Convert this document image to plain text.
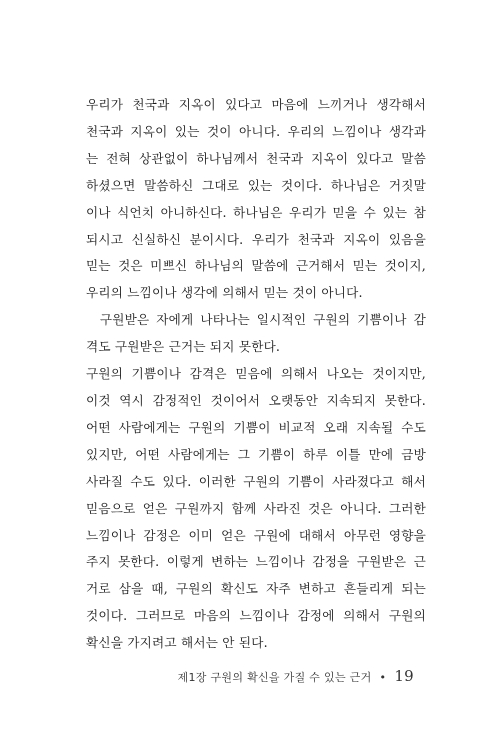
우리가 천국과 지옥이 있다고 마음에 느끼거나 생각해서
천국과 지옥이 있는 것이 아니다. 우리의 느낌이나 생각과
는 전혀 상관없이 하나님께서 천국과 지옥이 있다고 말씀
하셨으면 말씀하신 그대로 있는 것이다. 하나님은 거짓말
이나 식언치 아니하신다. 하나님은 우리가 믿을 수 있는 참
되시고 신실하신 분이시다. 우리가 천국과 지옥이 있음을
믿는 것은 미쁘신 하나님의 말씀에 근거해서 믿는 것이지,
우리의 느낌이나 생각에 의해서 믿는 것이 아니다.
구원받은 자에게 나타나는 일시적인 구원의 기쁨이나 감
격도 구원받은 근거는 되지 못한다.
구원의 기쁨이나 감격은 믿음에 의해서 나오는 것이지만,
이것 역시 감정적인 것이어서 오랫동안 지속되지 못한다.
어떤 사람에게는 구원의 기쁨이 비교적 오래 지속될 수도
있지만, 어떤 사람에게는 그 기쁨이 하루 이틀 만에 금방
사라질 수도 있다. 이러한 구원의 기쁨이 사라졌다고 해서
믿음으로 얻은 구원까지 함께 사라진 것은 아니다. 그러한
느낌이나 감정은 이미 얻은 구원에 대해서 아무런 영향을
주지 못한다. 이렇게 변하는 느낌이나 감정을 구원받은 근
거로 삼을 때, 구원의 확신도 자주 변하고 흔들리게 되는
것이다. 그러므로 마음의 느낌이나 감정에 의해서 구원의
확신을 가지려고 해서는 안 된다.
제1장 구원의 확신을 가질 수 있는 근거 • 19
